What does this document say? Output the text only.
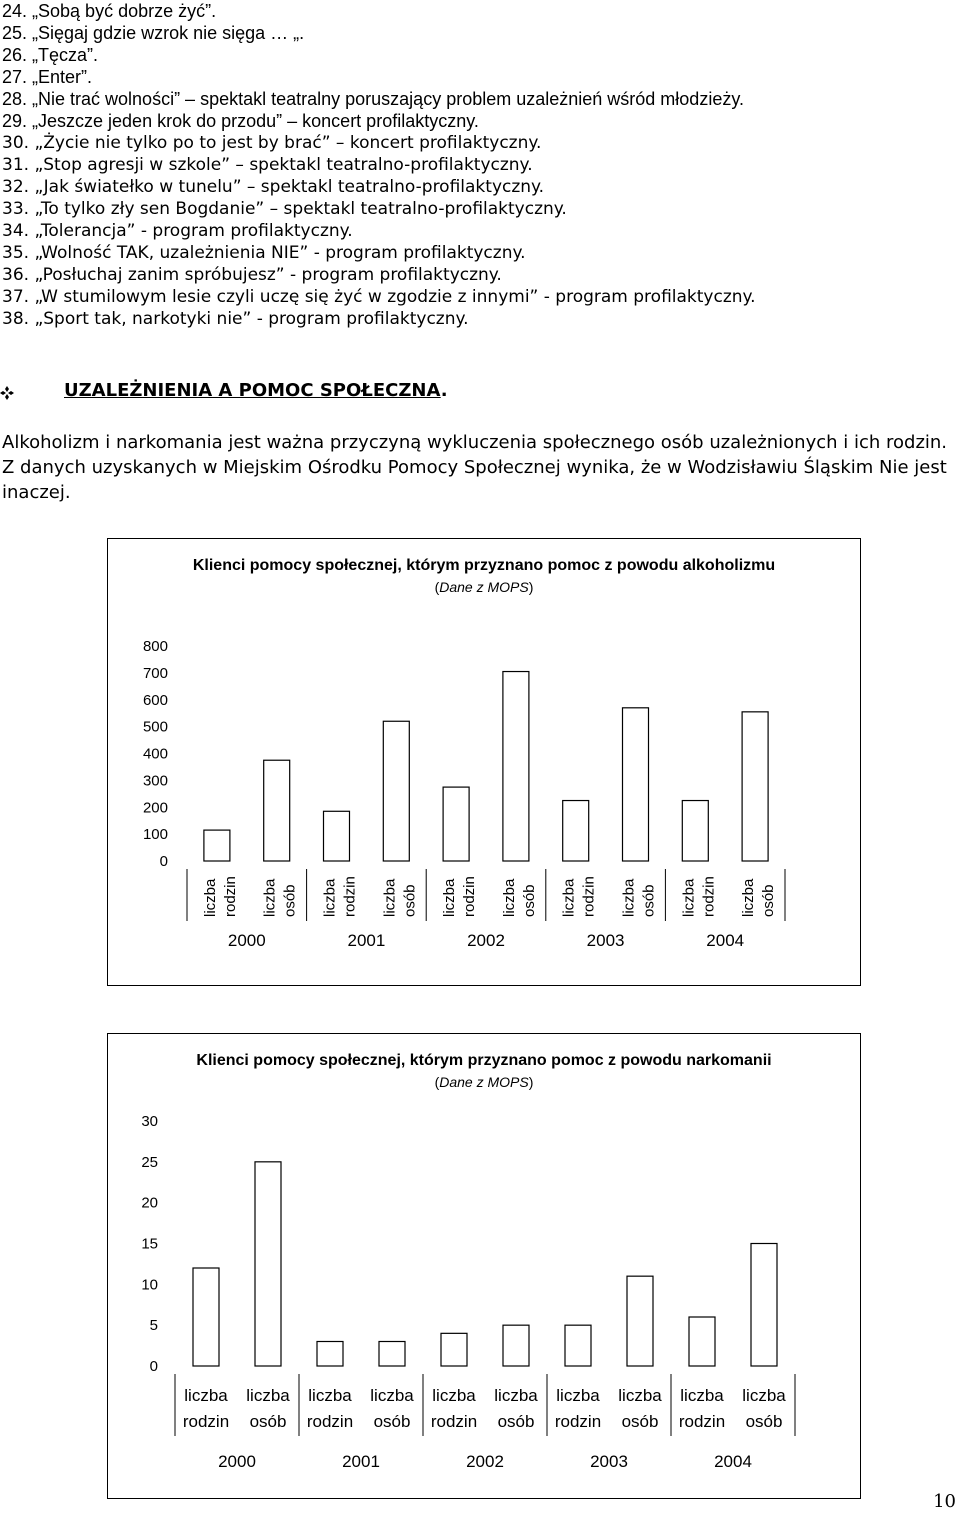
24. „Sobą być dobrze żyć”.
25. „Sięgaj gdzie wzrok nie sięga … „.
26. „Tęcza”.
27. „Enter”.
28. „Nie trać wolności” – spektakl teatralny poruszający problem uzależnień wśród młodzieży.
29. „Jeszcze jeden krok do przodu” – koncert profilaktyczny.
30. „Życie nie tylko po to jest by brać” – koncert profilaktyczny.
31. „Stop agresji w szkole” – spektakl teatralno-profilaktyczny.
32. „Jak światełko w tunelu” – spektakl teatralno-profilaktyczny.
33. „To tylko zły sen Bogdanie” – spektakl teatralno-profilaktyczny.
34. „Tolerancja” - program profilaktyczny.
35. „Wolność TAK, uzależnienia NIE” - program profilaktyczny.
36. „Posłuchaj zanim spróbujesz” - program profilaktyczny.
37. „W stumilowym lesie czyli uczę się żyć w zgodzie z innymi” - program profilaktyczny.
38. „Sport tak, narkotyki nie” - program profilaktyczny.
UZALEŻNIENIA A POMOC SPOŁECZNA.
Alkoholizm i narkomania jest ważna przyczyną wykluczenia społecznego osób uzależnionych i ich rodzin. Z danych uzyskanych w Miejskim Ośrodku Pomocy Społecznej wynika, że w Wodzisławiu Śląskim Nie jest inaczej.
Klienci pomocy społecznej, którym przyznano pomoc z powodu alkoholizmu
(Dane z MOPS)
0
100
200
300
400
500
600
700
800
liczba rodzin liczba osób liczba rodzin liczba osób liczba rodzin liczba osób liczba rodzin liczba osób liczba rodzin liczba osób
2000	2001	2002	2003	2004
Klienci pomocy społecznej, którym przyznano pomoc z powodu narkomanii
(Dane z MOPS)
0
5
10
15
20
25
30
liczba
rodzin
liczba
osób
liczba
rodzin
liczba
osób
liczba
rodzin
liczba
osób
liczba
rodzin
liczba
osób
liczba
rodzin
liczba
osób
2000	2001	2002	2003	2004
10
